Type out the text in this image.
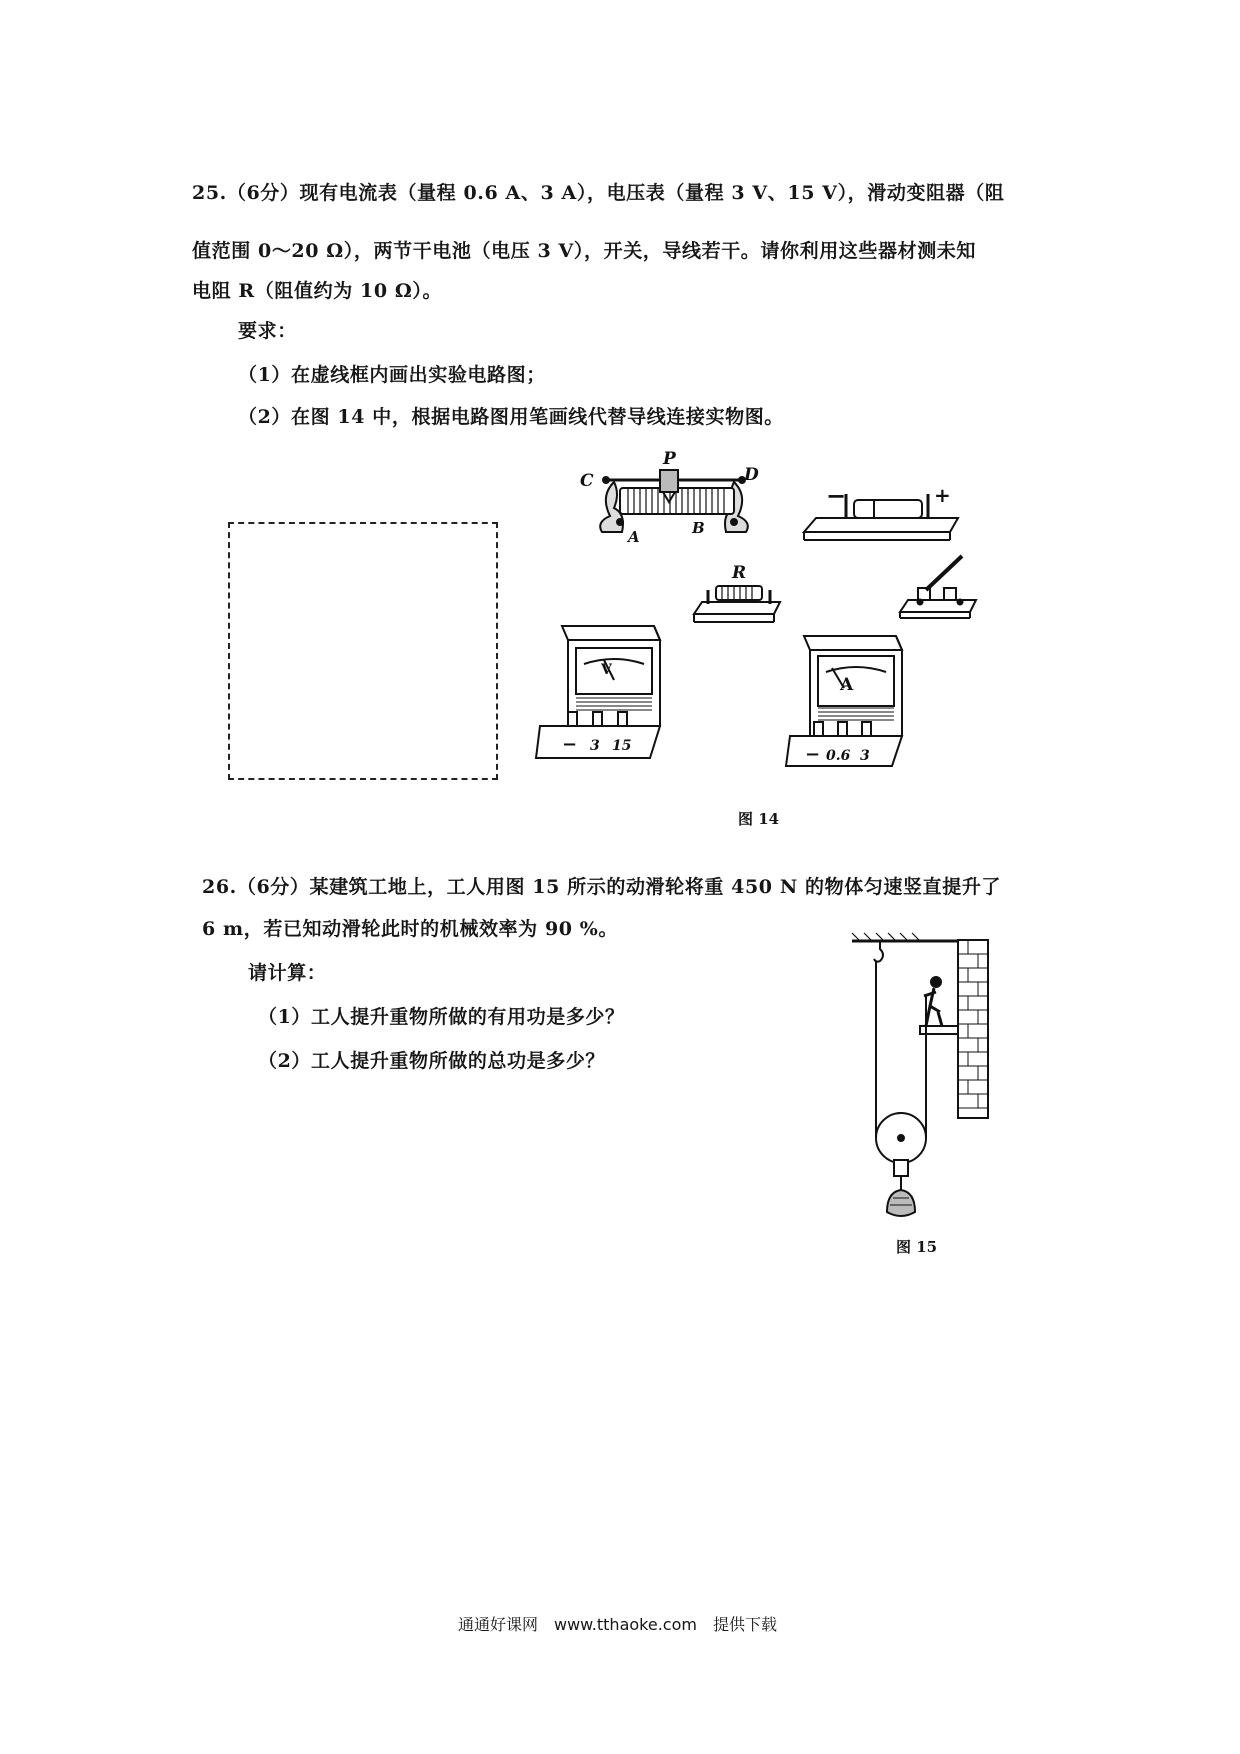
25.（6分）现有电流表（量程 0.6 A、3 A），电压表（量程 3 V、15 V），滑动变阻器（阻
值范围 0～20 Ω），两节干电池（电压 3 V），开关，导线若干。请你利用这些器材测未知
电阻 R（阻值约为 10 Ω）。
要求：
（1）在虚线框内画出实验电路图；
（2）在图 14 中，根据电路图用笔画线代替导线连接实物图。
P
C	D
A	B
−	+
R
V
− 3 15
A
− 0.6 3
图 14
26.（6分）某建筑工地上，工人用图 15 所示的动滑轮将重 450 N 的物体匀速竖直提升了
6 m，若已知动滑轮此时的机械效率为 90 %。
请计算：
（1）工人提升重物所做的有用功是多少？
（2）工人提升重物所做的总功是多少？
图 15
通通好课网　www.tthaoke.com　提供下载
